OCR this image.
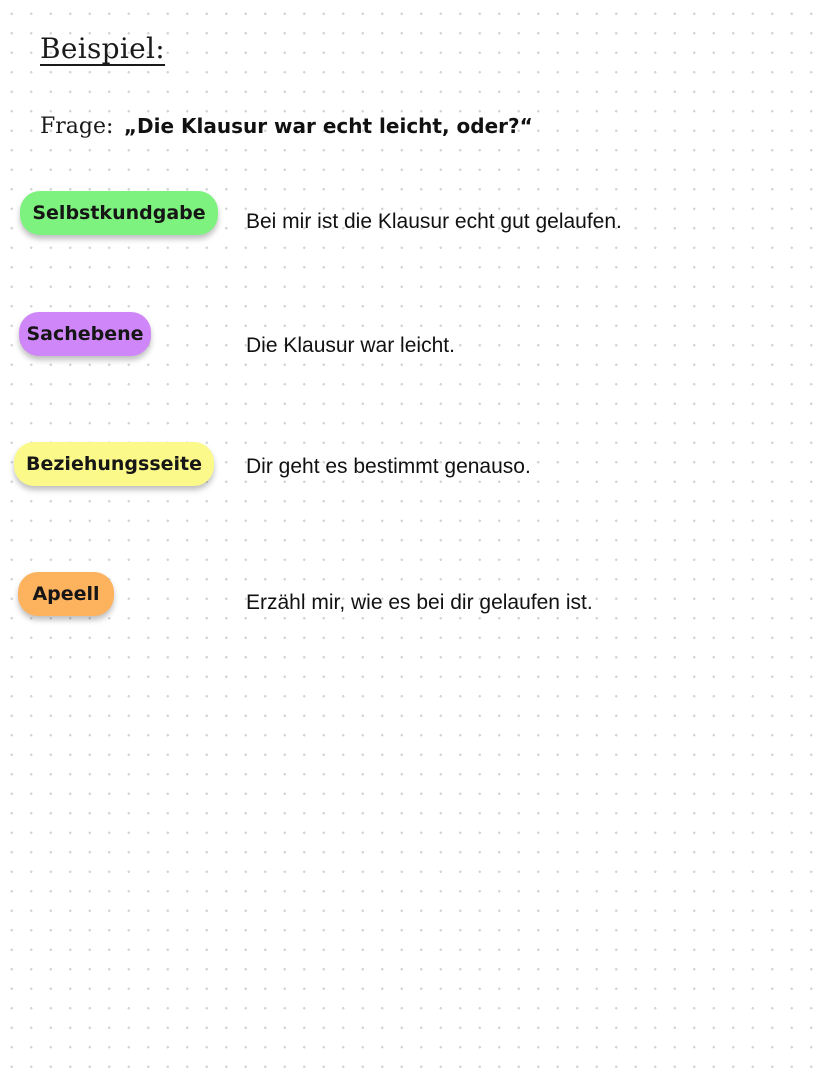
Beispiel:
Frage: „Die Klausur war echt leicht, oder?“
Selbstkundgabe	Bei mir ist die Klausur echt gut gelaufen.
Sachebene	Die Klausur war leicht.
Beziehungsseite	Dir geht es bestimmt genauso.
Apeell	Erzähl mir, wie es bei dir gelaufen ist.
